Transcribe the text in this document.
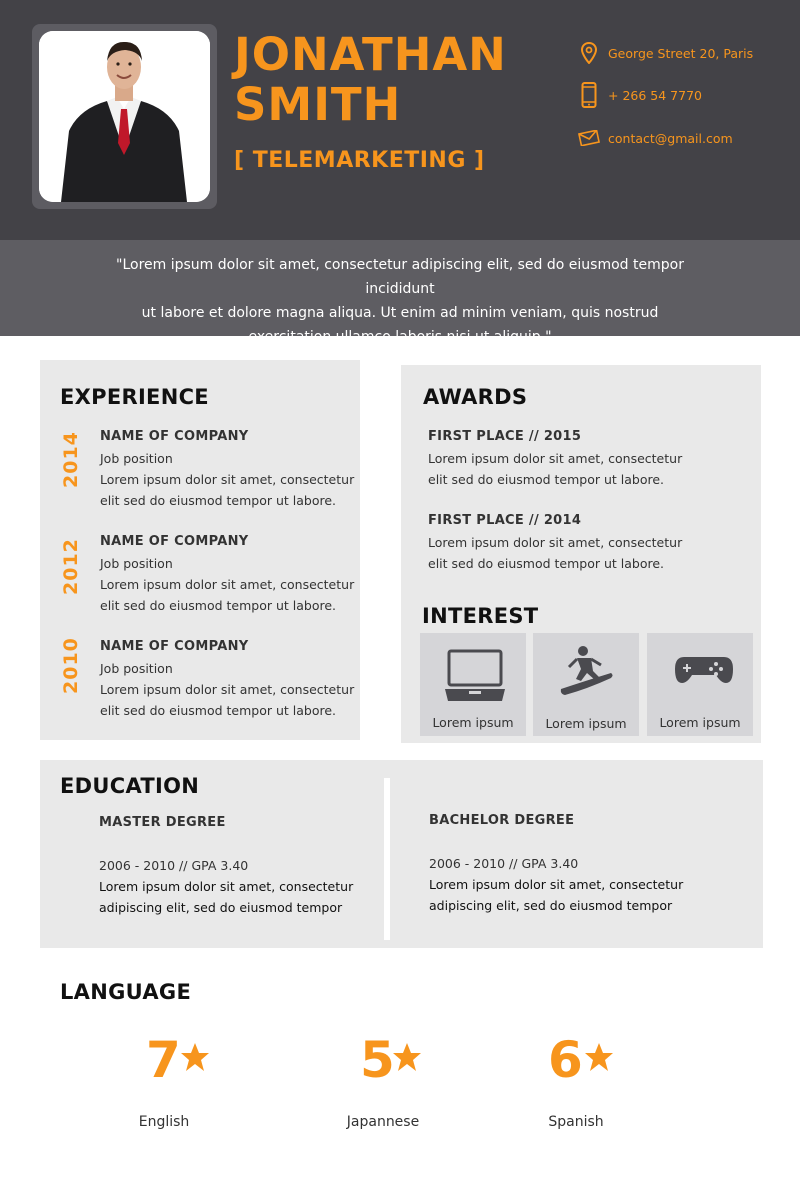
JONATHAN
SMITH
[ TELEMARKETING ]
George Street 20, Paris
+ 266 54 7770
contact@gmail.com
"Lorem ipsum dolor sit amet, consectetur adipiscing elit, sed do eiusmod tempor incididunt
ut labore et dolore magna aliqua. Ut enim ad minim veniam, quis nostrud
exercitation ullamco laboris nisi ut aliquip."
EXPERIENCE
2014 NAME OF COMPANY
Job position
Lorem ipsum dolor sit amet, consectetur
elit sed do eiusmod tempor ut labore.
2012 NAME OF COMPANY
Job position
Lorem ipsum dolor sit amet, consectetur
elit sed do eiusmod tempor ut labore.
2010 NAME OF COMPANY
Job position
Lorem ipsum dolor sit amet, consectetur
elit sed do eiusmod tempor ut labore.
AWARDS
FIRST PLACE // 2015
Lorem ipsum dolor sit amet, consectetur
elit sed do eiusmod tempor ut labore.
FIRST PLACE // 2014
Lorem ipsum dolor sit amet, consectetur
elit sed do eiusmod tempor ut labore.
INTEREST
Lorem ipsum	Lorem ipsum	Lorem ipsum
EDUCATION
MASTER DEGREE
2006 - 2010 // GPA 3.40
Lorem ipsum dolor sit amet, consectetur
adipiscing elit, sed do eiusmod tempor
BACHELOR DEGREE
2006 - 2010 // GPA 3.40
Lorem ipsum dolor sit amet, consectetur
adipiscing elit, sed do eiusmod tempor
LANGUAGE
7
English
5
Japannese
6
Spanish
